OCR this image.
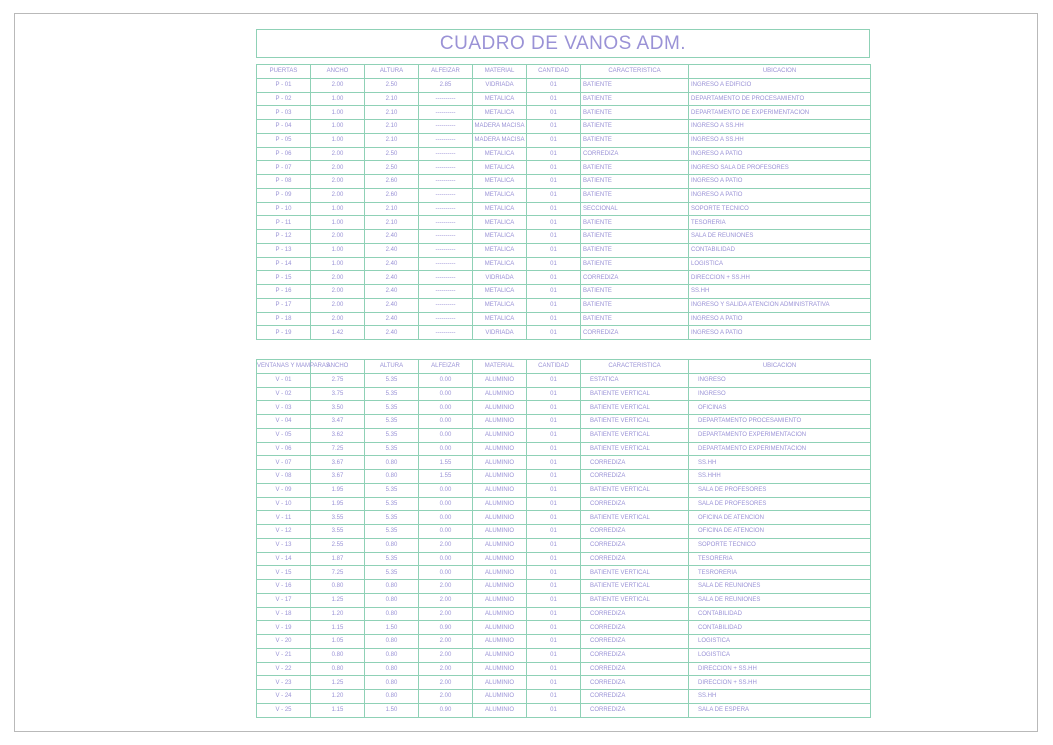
CUADRO DE VANOS ADM.
PUERTAS	ANCHO	ALTURA	ALFEIZAR	MATERIAL	CANTIDAD	CARACTERISTICA	UBICACION
P - 01	2.00	2.50	2.85	VIDRIADA	01	BATIENTE	INGRESO A EDIFICIO
P - 02	1.00	2.10	----------	METALICA	01	BATIENTE	DEPARTAMENTO DE PROCESAMIENTO
P - 03	1.00	2.10	----------	METALICA	01	BATIENTE	DEPARTAMENTO DE EXPERIMENTACION
P - 04	1.00	2.10	----------	MADERA MACISA	01	BATIENTE	INGRESO A SS.HH
P - 05	1.00	2.10	----------	MADERA MACISA	01	BATIENTE	INGRESO A SS.HH
P - 06	2.00	2.50	----------	METALICA	01	CORREDIZA	INGRESO A PATIO
P - 07	2.00	2.50	----------	METALICA	01	BATIENTE	INGRESO SALA DE PROFESORES
P - 08	2.00	2.60	----------	METALICA	01	BATIENTE	INGRESO A PATIO
P - 09	2.00	2.60	----------	METALICA	01	BATIENTE	INGRESO A PATIO
P - 10	1.00	2.10	----------	METALICA	01	SECCIONAL	SOPORTE TECNICO
P - 11	1.00	2.10	----------	METALICA	01	BATIENTE	TESORERIA
P - 12	2.00	2.40	----------	METALICA	01	BATIENTE	SALA DE REUNIONES
P - 13	1.00	2.40	----------	METALICA	01	BATIENTE	CONTABILIDAD
P - 14	1.00	2.40	----------	METALICA	01	BATIENTE	LOGISTICA
P - 15	2.00	2.40	----------	VIDRIADA	01	CORREDIZA	DIRECCION + SS.HH
P - 16	2.00	2.40	----------	METALICA	01	BATIENTE	SS.HH
P - 17	2.00	2.40	----------	METALICA	01	BATIENTE	INGRESO Y SALIDA ATENCION ADMINISTRATIVA
P - 18	2.00	2.40	----------	METALICA	01	BATIENTE	INGRESO A PATIO
P - 19	1.42	2.40	----------	VIDRIADA	01	CORREDIZA	INGRESO A PATIO
VENTANAS Y MAMPARAS	ANCHO	ALTURA	ALFEIZAR	MATERIAL	CANTIDAD	CARACTERISTICA	UBICACION
V - 01	2.75	5.35	0.00	ALUMINIO	01	ESTATICA	INGRESO
V - 02	3.75	5.35	0.00	ALUMINIO	01	BATIENTE VERTICAL	INGRESO
V - 03	3.50	5.35	0.00	ALUMINIO	01	BATIENTE VERTICAL	OFICINAS
V - 04	3.47	5.35	0.00	ALUMINIO	01	BATIENTE VERTICAL	DEPARTAMENTO PROCESAMIENTO
V - 05	3.62	5.35	0.00	ALUMINIO	01	BATIENTE VERTICAL	DEPARTAMENTO EXPERIMENTACION
V - 06	7.25	5.35	0.00	ALUMINIO	01	BATIENTE VERTICAL	DEPARTAMENTO EXPERIMENTACION
V - 07	3.67	0.80	1.55	ALUMINIO	01	CORREDIZA	SS.HH
V - 08	3.67	0.80	1.55	ALUMINIO	01	CORREDIZA	SS.HHH
V - 09	1.95	5.35	0.00	ALUMINIO	01	BATIENTE VERTICAL	SALA DE PROFESORES
V - 10	1.95	5.35	0.00	ALUMINIO	01	CORREDIZA	SALA DE PROFESORES
V - 11	3.55	5.35	0.00	ALUMINIO	01	BATIENTE VERTICAL	OFICINA DE ATENCION
V - 12	3.55	5.35	0.00	ALUMINIO	01	CORREDIZA	OFICINA DE ATENCION
V - 13	2.55	0.80	2.00	ALUMINIO	01	CORREDIZA	SOPORTE TECNICO
V - 14	1.87	5.35	0.00	ALUMINIO	01	CORREDIZA	TESORERIA
V - 15	7.25	5.35	0.00	ALUMINIO	01	BATIENTE VERTICAL	TESRORERIA
V - 16	0.80	0.80	2.00	ALUMINIO	01	BATIENTE VERTICAL	SALA DE REUNIONES
V - 17	1.25	0.80	2.00	ALUMINIO	01	BATIENTE VERTICAL	SALA DE REUNIONES
V - 18	1.20	0.80	2.00	ALUMINIO	01	CORREDIZA	CONTABILIDAD
V - 19	1.15	1.50	0.90	ALUMINIO	01	CORREDIZA	CONTABILIDAD
V - 20	1.05	0.80	2.00	ALUMINIO	01	CORREDIZA	LOGISTICA
V - 21	0.80	0.80	2.00	ALUMINIO	01	CORREDIZA	LOGISTICA
V - 22	0.80	0.80	2.00	ALUMINIO	01	CORREDIZA	DIRECCION + SS.HH
V - 23	1.25	0.80	2.00	ALUMINIO	01	CORREDIZA	DIRECCION + SS.HH
V - 24	1.20	0.80	2.00	ALUMINIO	01	CORREDIZA	SS.HH
V - 25	1.15	1.50	0.90	ALUMINIO	01	CORREDIZA	SALA DE ESPERA
